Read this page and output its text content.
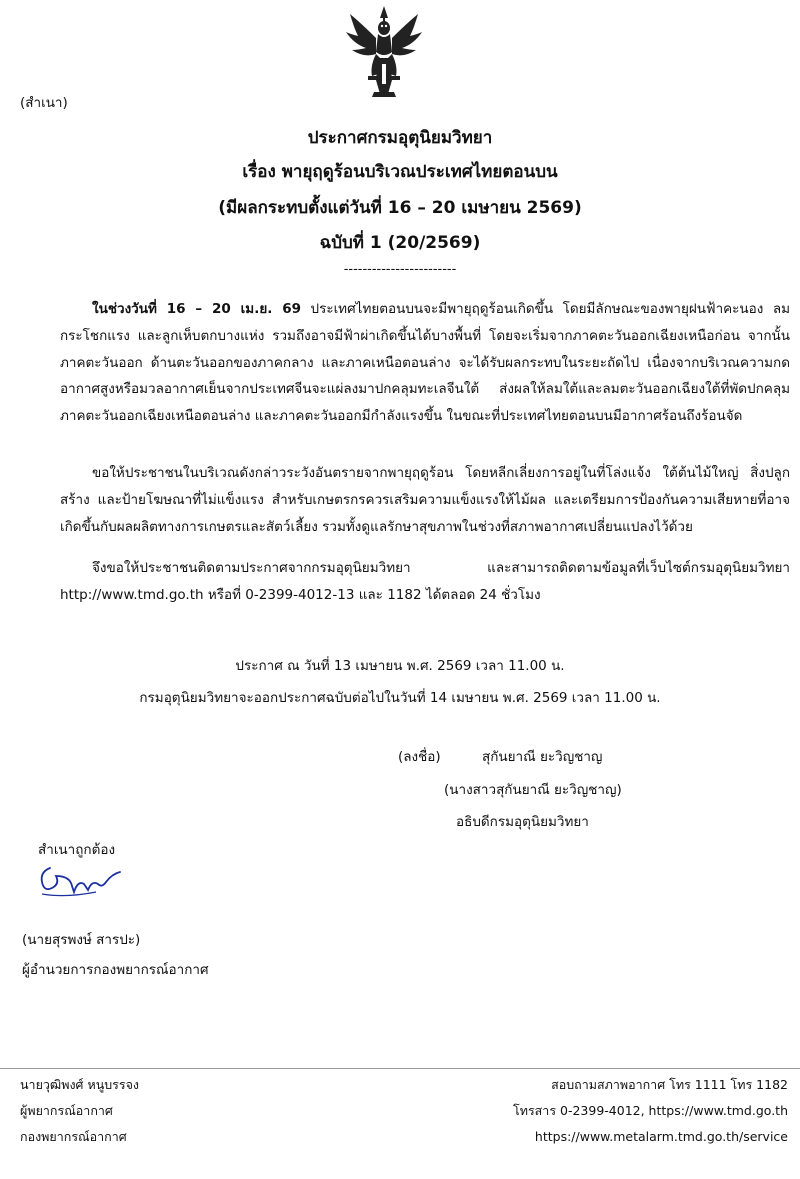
(สำเนา)
ประกาศกรมอุตุนิยมวิทยา
เรื่อง พายุฤดูร้อนบริเวณประเทศไทยตอนบน
(มีผลกระทบตั้งแต่วันที่ 16 – 20 เมษายน 2569)
ฉบับที่ 1 (20/2569)
------------------------
ในช่วงวันที่ 16 – 20 เม.ย. 69 ประเทศไทยตอนบนจะมีพายุฤดูร้อนเกิดขึ้น โดยมีลักษณะของพายุฝนฟ้าคะนอง ลมกระโชกแรง และลูกเห็บตกบางแห่ง รวมถึงอาจมีฟ้าผ่าเกิดขึ้นได้บางพื้นที่ โดยจะเริ่มจากภาคตะวันออกเฉียงเหนือก่อน จากนั้นภาคตะวันออก ด้านตะวันออกของภาคกลาง และภาคเหนือตอนล่าง จะได้รับผลกระทบในระยะถัดไป เนื่องจากบริเวณความกดอากาศสูงหรือมวลอากาศเย็นจากประเทศจีนจะแผ่ลงมาปกคลุมทะเลจีนใต้ ส่งผลให้ลมใต้และลมตะวันออกเฉียงใต้ที่พัดปกคลุมภาคตะวันออกเฉียงเหนือตอนล่าง และภาคตะวันออกมีกำลังแรงขึ้น ในขณะที่ประเทศไทยตอนบนมีอากาศร้อนถึงร้อนจัด
ขอให้ประชาชนในบริเวณดังกล่าวระวังอันตรายจากพายุฤดูร้อน โดยหลีกเลี่ยงการอยู่ในที่โล่งแจ้ง ใต้ต้นไม้ใหญ่ สิ่งปลูกสร้าง และป้ายโฆษณาที่ไม่แข็งแรง สำหรับเกษตรกรควรเสริมความแข็งแรงให้ไม้ผล และเตรียมการป้องกันความเสียหายที่อาจเกิดขึ้นกับผลผลิตทางการเกษตรและสัตว์เลี้ยง รวมทั้งดูแลรักษาสุขภาพในช่วงที่สภาพอากาศเปลี่ยนแปลงไว้ด้วย
จึงขอให้ประชาชนติดตามประกาศจากกรมอุตุนิยมวิทยา และสามารถติดตามข้อมูลที่เว็บไซต์กรมอุตุนิยมวิทยา http://www.tmd.go.th หรือที่ 0-2399-4012-13 และ 1182 ได้ตลอด 24 ชั่วโมง
ประกาศ ณ วันที่ 13 เมษายน พ.ศ. 2569 เวลา 11.00 น.
กรมอุตุนิยมวิทยาจะออกประกาศฉบับต่อไปในวันที่ 14 เมษายน พ.ศ. 2569 เวลา 11.00 น.
(ลงชื่อ)	สุกันยาณี ยะวิญชาญ
(นางสาวสุกันยาณี ยะวิญชาญ)
อธิบดีกรมอุตุนิยมวิทยา
สำเนาถูกต้อง
(นายสุรพงษ์ สารปะ)
ผู้อำนวยการกองพยากรณ์อากาศ
นายวุฒิพงศ์ หนูบรรจง
ผู้พยากรณ์อากาศ
กองพยากรณ์อากาศ
สอบถามสภาพอากาศ โทร 1111 โทร 1182
โทรสาร 0-2399-4012, https://www.tmd.go.th
https://www.metalarm.tmd.go.th/service
